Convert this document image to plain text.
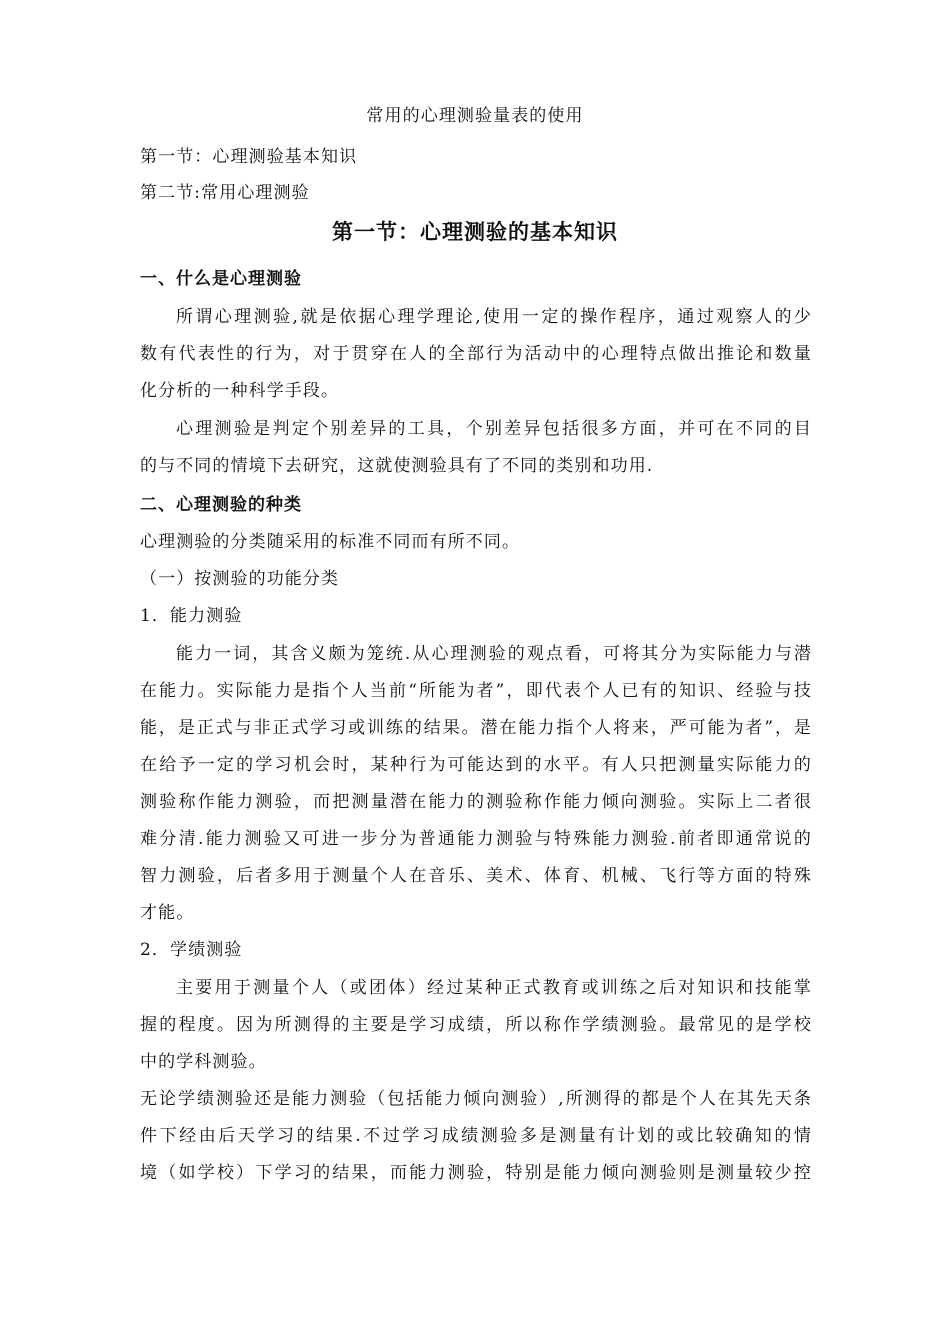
常用的心理测验量表的使用
第一节：心理测验基本知识
第二节:常用心理测验
第一节：心理测验的基本知识
一、什么是心理测验
所谓心理测验,就是依据心理学理论,使用一定的操作程序，通过观察人的少
数有代表性的行为，对于贯穿在人的全部行为活动中的心理特点做出推论和数量
化分析的一种科学手段。
心理测验是判定个别差异的工具，个别差异包括很多方面，并可在不同的目
的与不同的情境下去研究，这就使测验具有了不同的类别和功用.
二、心理测验的种类
心理测验的分类随采用的标准不同而有所不同。
（一）按测验的功能分类
1．能力测验
能力一词，其含义颇为笼统.从心理测验的观点看，可将其分为实际能力与潜
在能力。实际能力是指个人当前“所能为者”，即代表个人已有的知识、经验与技
能，是正式与非正式学习或训练的结果。潜在能力指个人将来，严可能为者”，是
在给予一定的学习机会时，某种行为可能达到的水平。有人只把测量实际能力的
测验称作能力测验，而把测量潜在能力的测验称作能力倾向测验。实际上二者很
难分清.能力测验又可进一步分为普通能力测验与特殊能力测验.前者即通常说的
智力测验，后者多用于测量个人在音乐、美术、体育、机械、飞行等方面的特殊
才能。
2．学绩测验
主要用于测量个人（或团体）经过某种正式教育或训练之后对知识和技能掌
握的程度。因为所测得的主要是学习成绩，所以称作学绩测验。最常见的是学校
中的学科测验。
无论学绩测验还是能力测验（包括能力倾向测验）,所测得的都是个人在其先天条
件下经由后天学习的结果.不过学习成绩测验多是测量有计划的或比较确知的情
境（如学校）下学习的结果，而能力测验，特别是能力倾向测验则是测量较少控
